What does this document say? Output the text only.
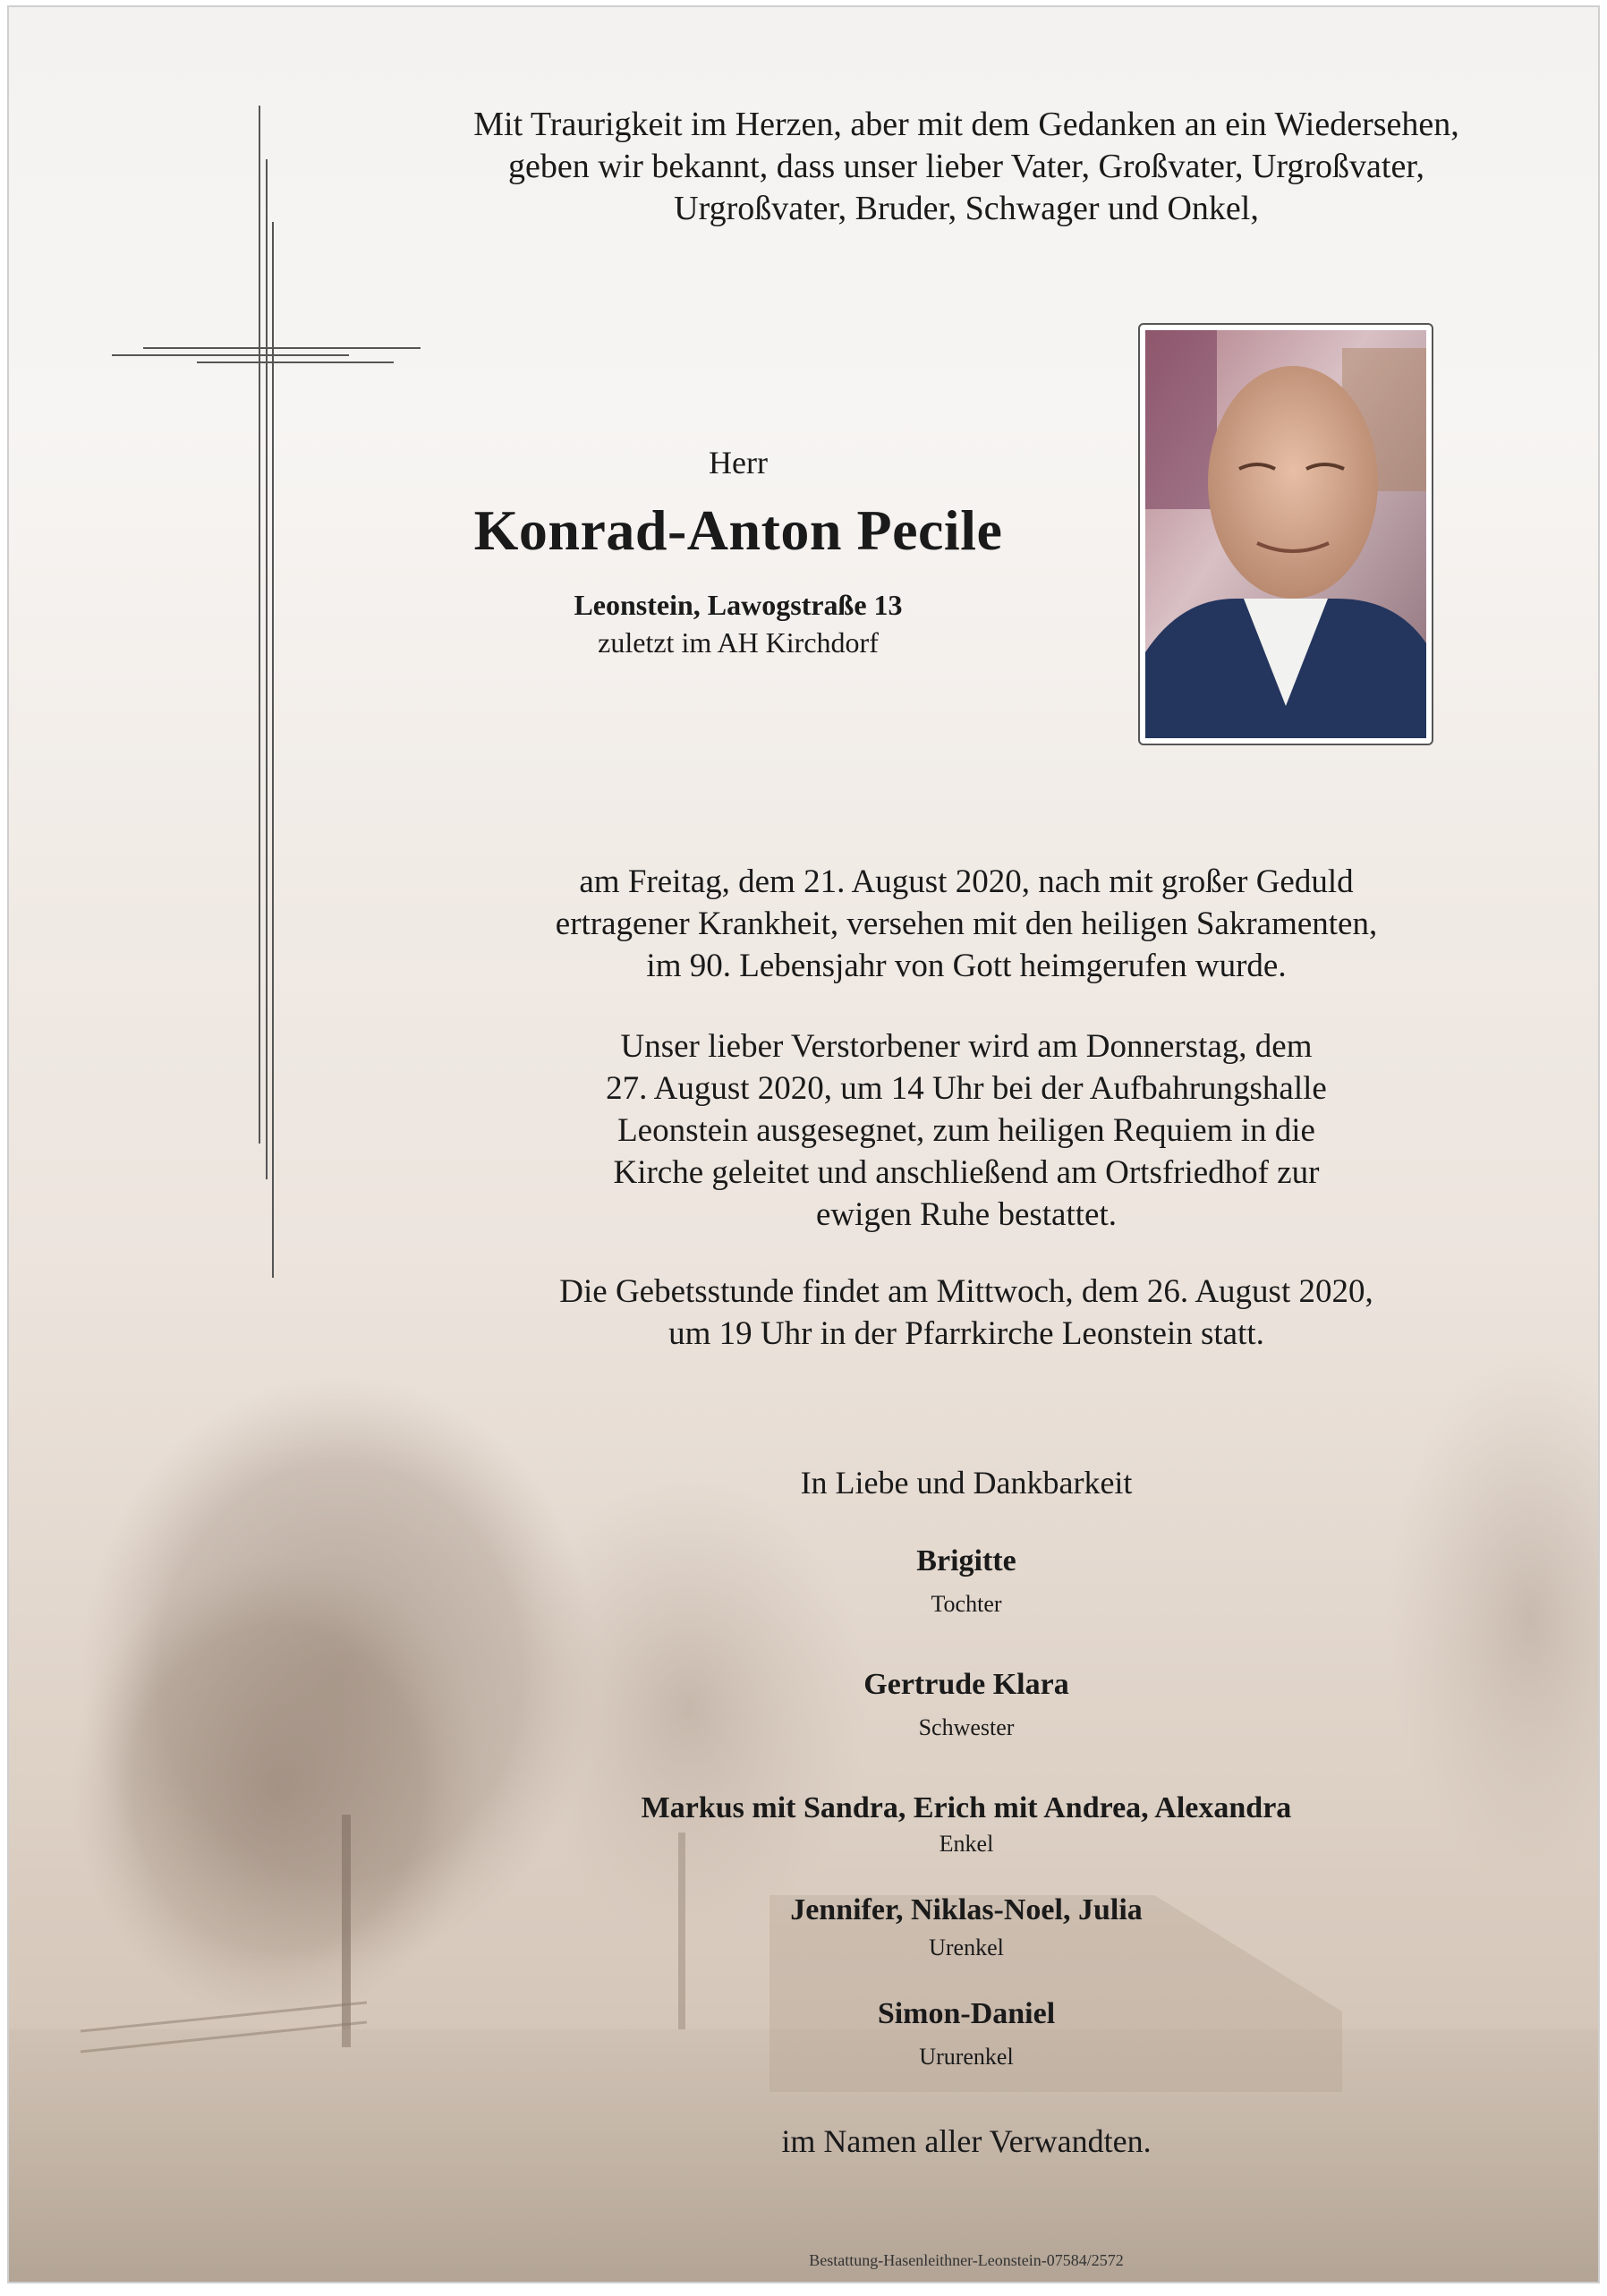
Mit Traurigkeit im Herzen, aber mit dem Gedanken an ein Wiedersehen,

geben wir bekannt, dass unser lieber Vater, Großvater, Urgroßvater,

Urgroßvater, Bruder, Schwager und Onkel,

Herr
Konrad-Anton Pecile
Leonstein, Lawogstraße 13
zuletzt im AH Kirchdorf

am Freitag, dem 21. August 2020, nach mit großer Geduld

ertragener Krankheit, versehen mit den heiligen Sakramenten,

im 90. Lebensjahr von Gott heimgerufen wurde.

Unser lieber Verstorbener wird am Donnerstag, dem

27. August 2020, um 14 Uhr bei der Aufbahrungshalle

Leonstein ausgesegnet, zum heiligen Requiem in die

Kirche geleitet und anschließend am Ortsfriedhof zur

ewigen Ruhe bestattet.

Die Gebetsstunde findet am Mittwoch, dem 26. August 2020,

um 19 Uhr in der Pfarrkirche Leonstein statt.

In Liebe und Dankbarkeit
Brigitte
Tochter
Gertrude Klara
Schwester
Markus mit Sandra, Erich mit Andrea, Alexandra
Enkel
Jennifer, Niklas-Noel, Julia
Urenkel
Simon-Daniel
Ururenkel
im Namen aller Verwandten.
Bestattung-Hasenleithner-Leonstein-07584/2572
